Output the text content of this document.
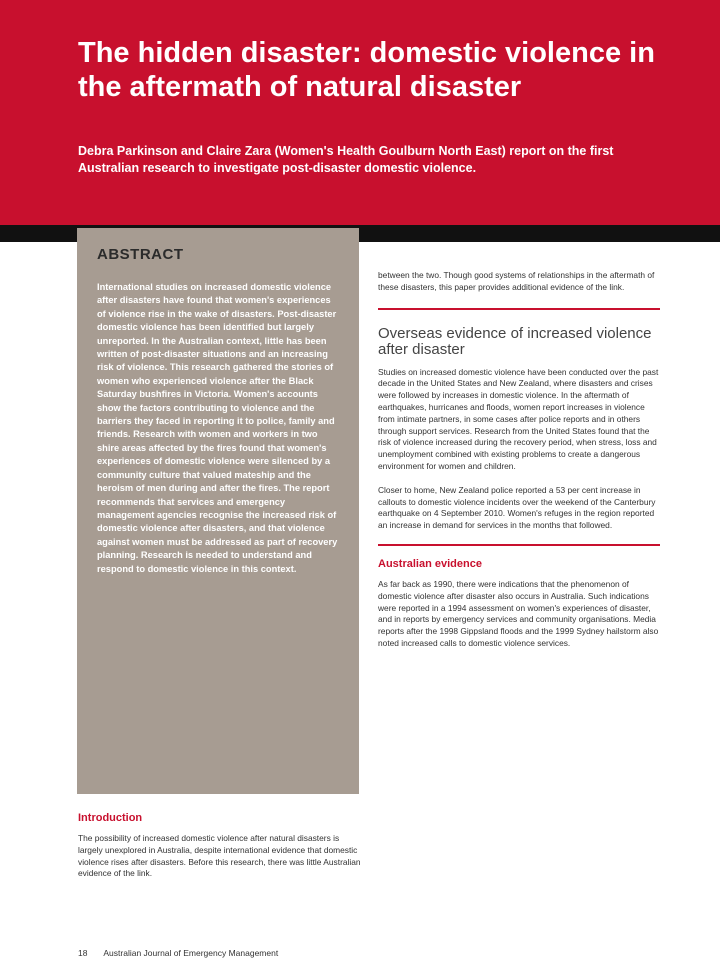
The hidden disaster: domestic violence in the aftermath of natural disaster
Debra Parkinson and Claire Zara (Women's Health Goulburn North East) report on the first Australian research to investigate post-disaster domestic violence.
ABSTRACT
International studies on increased domestic violence after disasters have found that women's experiences of violence rise in the wake of disasters. Post-disaster domestic violence has been identified but largely unreported. In the Australian context, little has been written of post-disaster situations and an increasing risk of violence. This research gathered the stories of women who experienced violence after the Black Saturday bushfires in Victoria. Women's accounts show the factors contributing to violence and the barriers they faced in reporting it to police, family and friends. Research with women and workers in two shire areas affected by the fires found that women's experiences of domestic violence were silenced by a community culture that valued mateship and the heroism of men during and after the fires. The report recommends that services and emergency management agencies recognise the increased risk of domestic violence after disasters, and that violence against women must be addressed as part of recovery planning. Research is needed to understand and respond to domestic violence in this context.
Introduction
The possibility of increased domestic violence after natural disasters is largely unexplored in Australia, despite international evidence that domestic violence rises after disasters. Before this research, there was little Australian evidence of the link.
between the two. Though good systems of relationships in the aftermath of these disasters, this paper provides additional evidence of the link.
Overseas evidence of increased violence after disaster
Studies on increased domestic violence have been conducted over the past decade in the United States and New Zealand, where disasters and crises were followed by increases in domestic violence. In the aftermath of earthquakes, hurricanes and floods, women report increases in violence from intimate partners, in some cases after police reports and in others through support services. Research from the United States found that the risk of violence increased during the recovery period, when stress, loss and unemployment combined with existing problems to create a dangerous environment for women and children.
Closer to home, New Zealand police reported a 53 per cent increase in callouts to domestic violence incidents over the weekend of the Canterbury earthquake on 4 September 2010. Women's refuges in the region reported an increase in demand for services in the months that followed.
Australian evidence
As far back as 1990, there were indications that the phenomenon of domestic violence after disaster also occurs in Australia. Such indications were reported in a 1994 assessment on women's experiences of disaster, and in reports by emergency services and community organisations. Media reports after the 1998 Gippsland floods and the 1999 Sydney hailstorm also noted increased calls to domestic violence services.
18 Australian Journal of Emergency Management
